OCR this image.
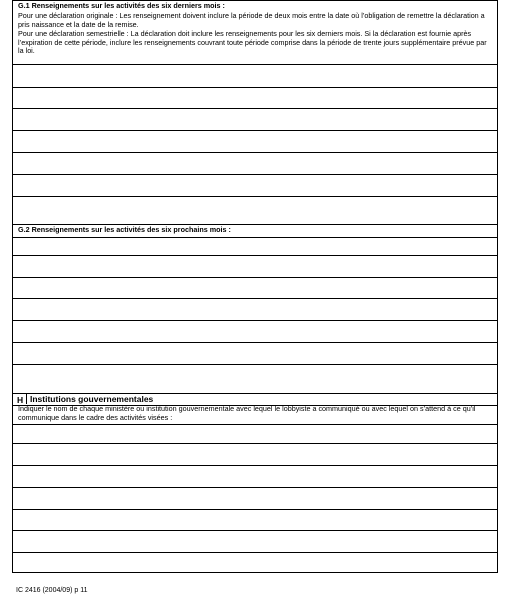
G.1 Renseignements sur les activités des six derniers mois :
Pour une déclaration originale : Les renseignement doivent inclure la période de deux mois entre la date où l’obligation de remettre la déclaration a pris naissance et la date de la remise.
Pour une déclaration semestrielle : La déclaration doit inclure les renseignements pour les six derniers mois. Si la déclaration est fournie après l’expiration de cette période, inclure les renseignements couvrant toute période comprise dans la période de trente jours supplémentaire prévue par la loi.
G.2 Renseignements sur les activités des six prochains mois :
H Institutions gouvernementales
Indiquer le nom de chaque ministère ou institution gouvernementale avec lequel le lobbyiste a communiqué ou avec lequel on s’attend à ce qu’il communique dans le cadre des activités visées :
IC 2416 (2004/09) p 11
